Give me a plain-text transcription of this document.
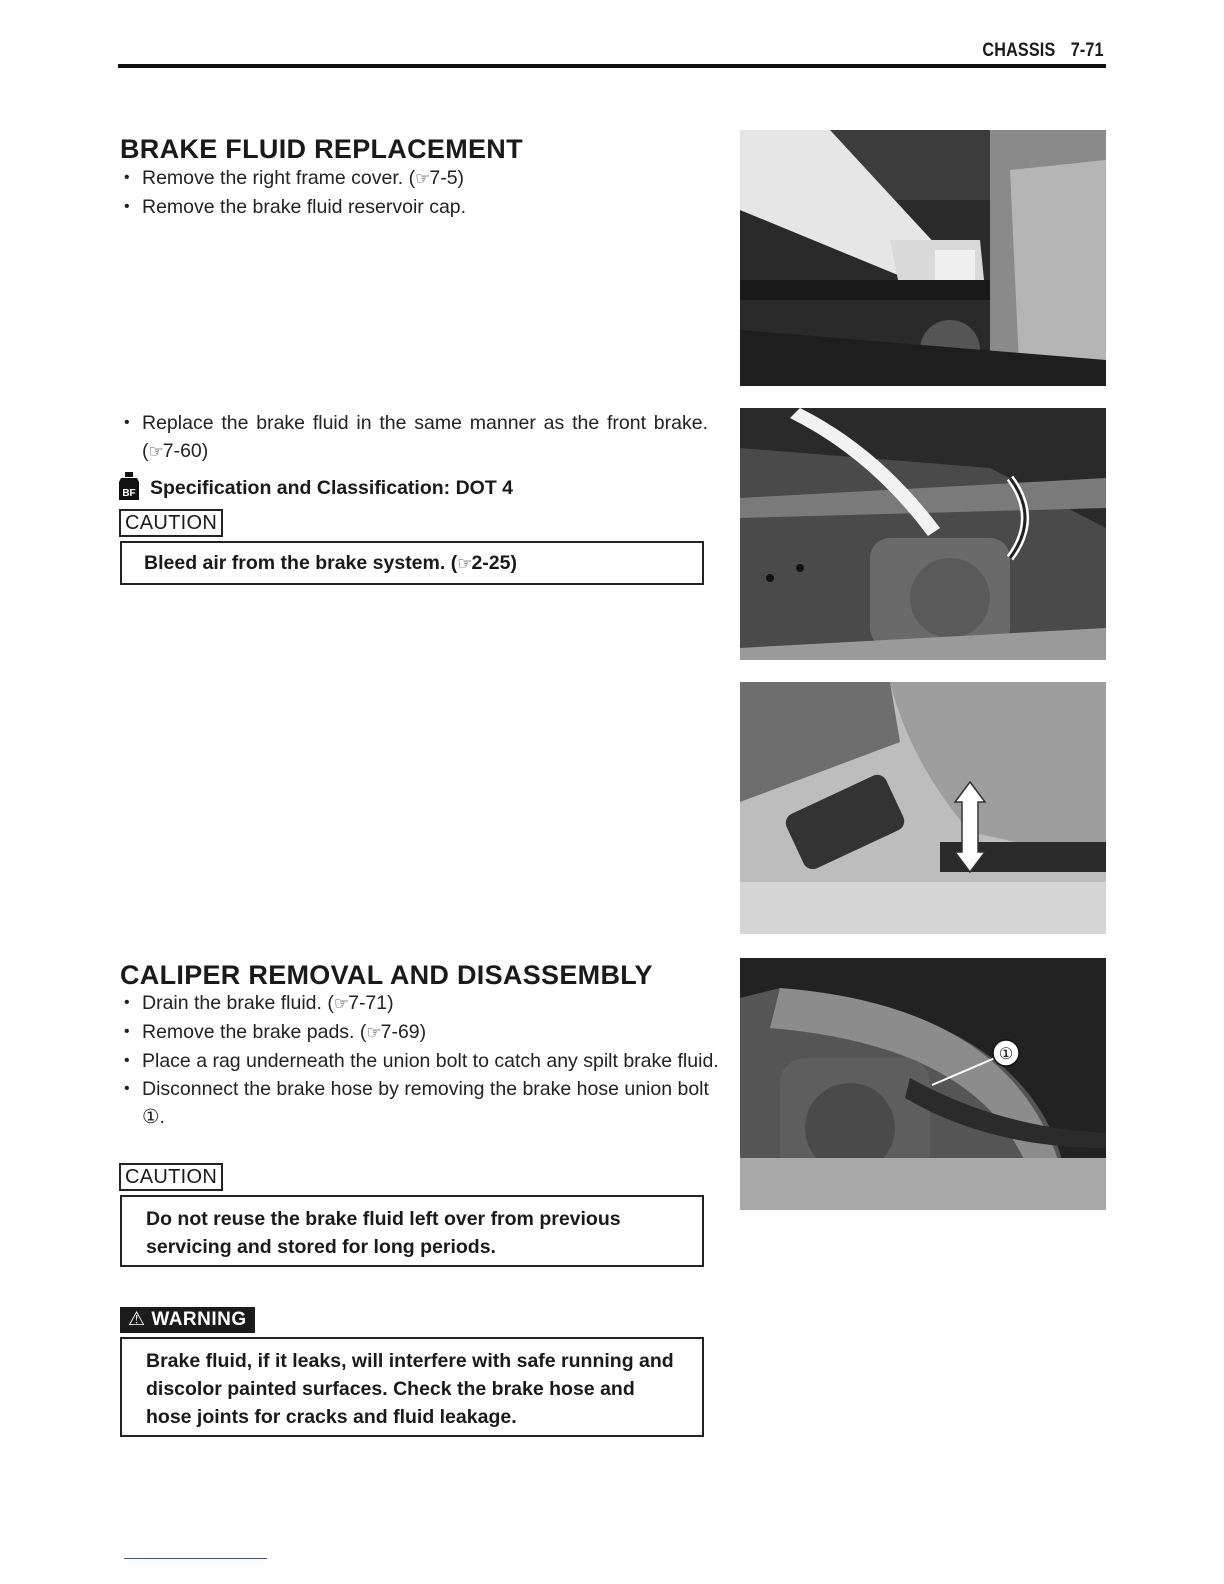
CHASSIS 7-71
BRAKE FLUID REPLACEMENT
• Remove the right frame cover. (☞7-5)
• Remove the brake fluid reservoir cap.
• Replace the brake fluid in the same manner as the front brake. (☞7-60)
BF Specification and Classification: DOT 4
CAUTION
Bleed air from the brake system. (☞2-25)
CALIPER REMOVAL AND DISASSEMBLY
• Drain the brake fluid. (☞7-71)
• Remove the brake pads. (☞7-69)
• Place a rag underneath the union bolt to catch any spilt brake fluid.
• Disconnect the brake hose by removing the brake hose union bolt ①.
CAUTION
Do not reuse the brake fluid left over from previous servicing and stored for long periods.
⚠ WARNING
Brake fluid, if it leaks, will interfere with safe running and discolor painted surfaces. Check the brake hose and hose joints for cracks and fluid leakage.
①
